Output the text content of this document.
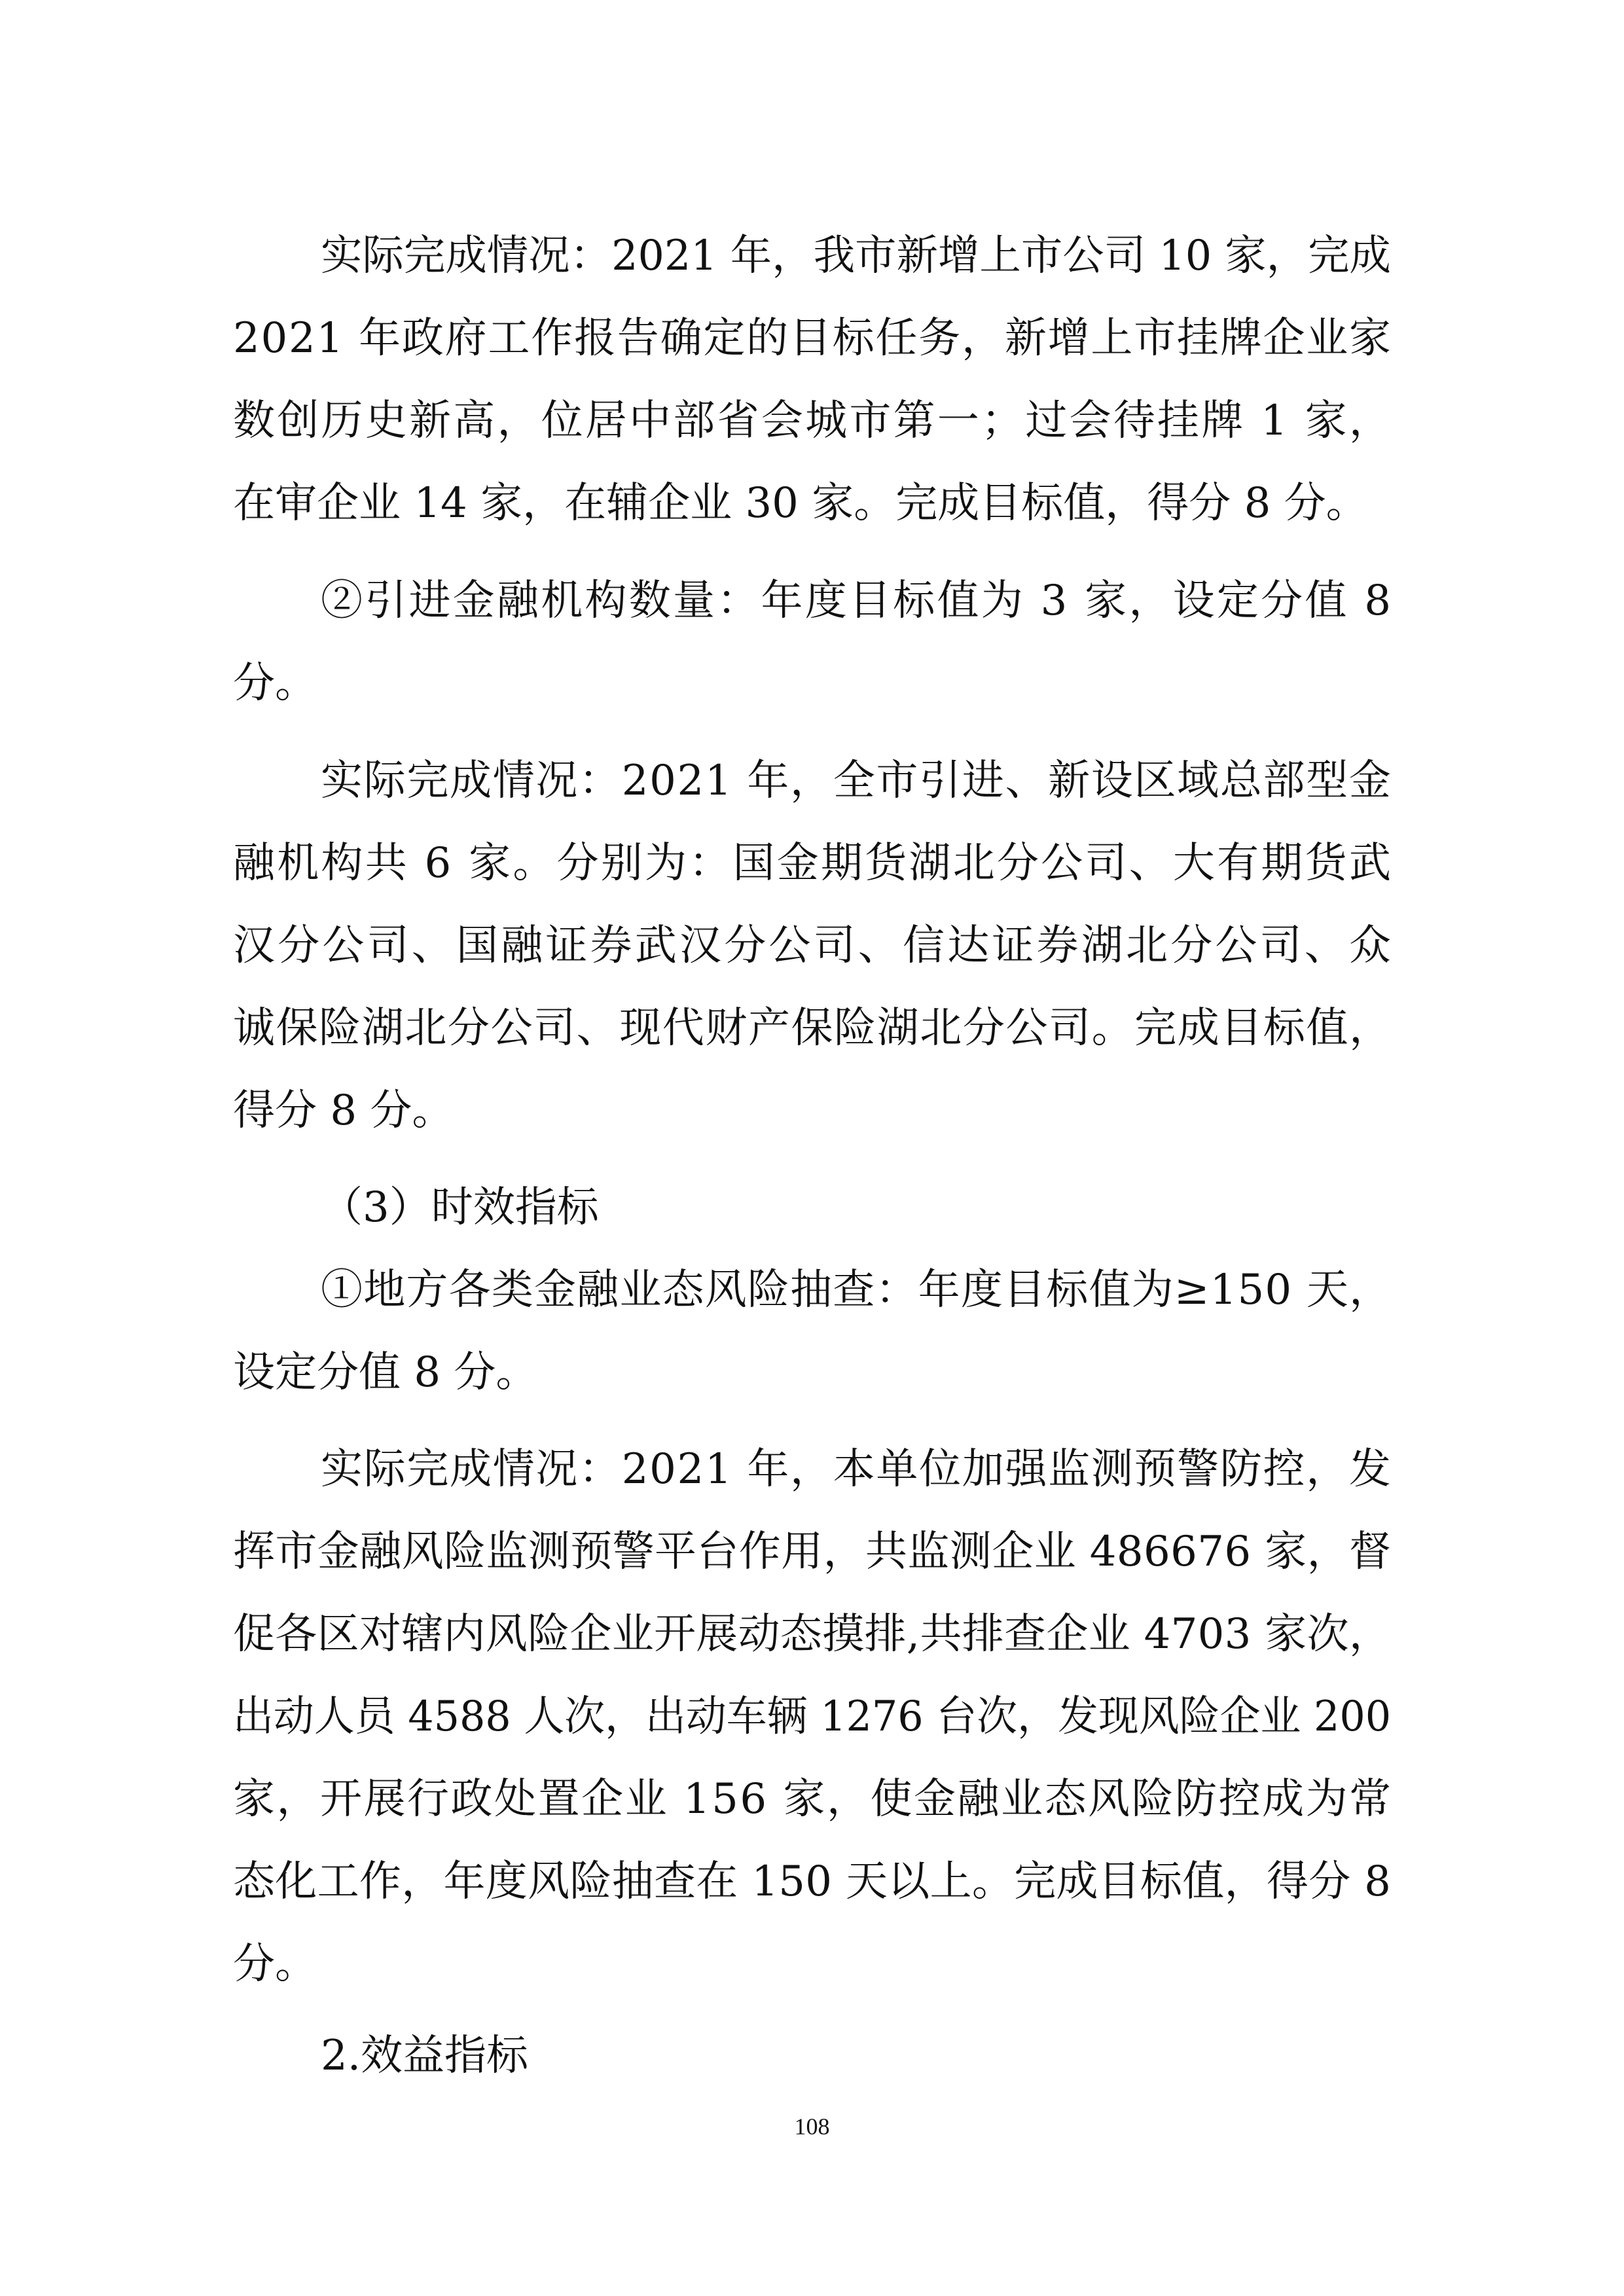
实际完成情况：2021 年，我市新增上市公司 10 家，完成

2021 年政府工作报告确定的目标任务，新增上市挂牌企业家

数创历史新高，位居中部省会城市第一；过会待挂牌 1 家，

在审企业 14 家，在辅企业 30 家。完成目标值，得分 8 分。

②引进金融机构数量：年度目标值为 3 家，设定分值 8

分。

实际完成情况：2021 年，全市引进、新设区域总部型金

融机构共 6 家。分别为：国金期货湖北分公司、大有期货武

汉分公司、国融证券武汉分公司、信达证券湖北分公司、众

诚保险湖北分公司、现代财产保险湖北分公司。完成目标值，

得分 8 分。

（3）时效指标

①地方各类金融业态风险抽查：年度目标值为≥150 天，

设定分值 8 分。

实际完成情况：2021 年，本单位加强监测预警防控，发

挥市金融风险监测预警平台作用，共监测企业 486676 家，督

促各区对辖内风险企业开展动态摸排,共排查企业 4703 家次，

出动人员 4588 人次，出动车辆 1276 台次，发现风险企业 200

家，开展行政处置企业 156 家，使金融业态风险防控成为常

态化工作，年度风险抽查在 150 天以上。完成目标值，得分 8

分。

2.效益指标

108
